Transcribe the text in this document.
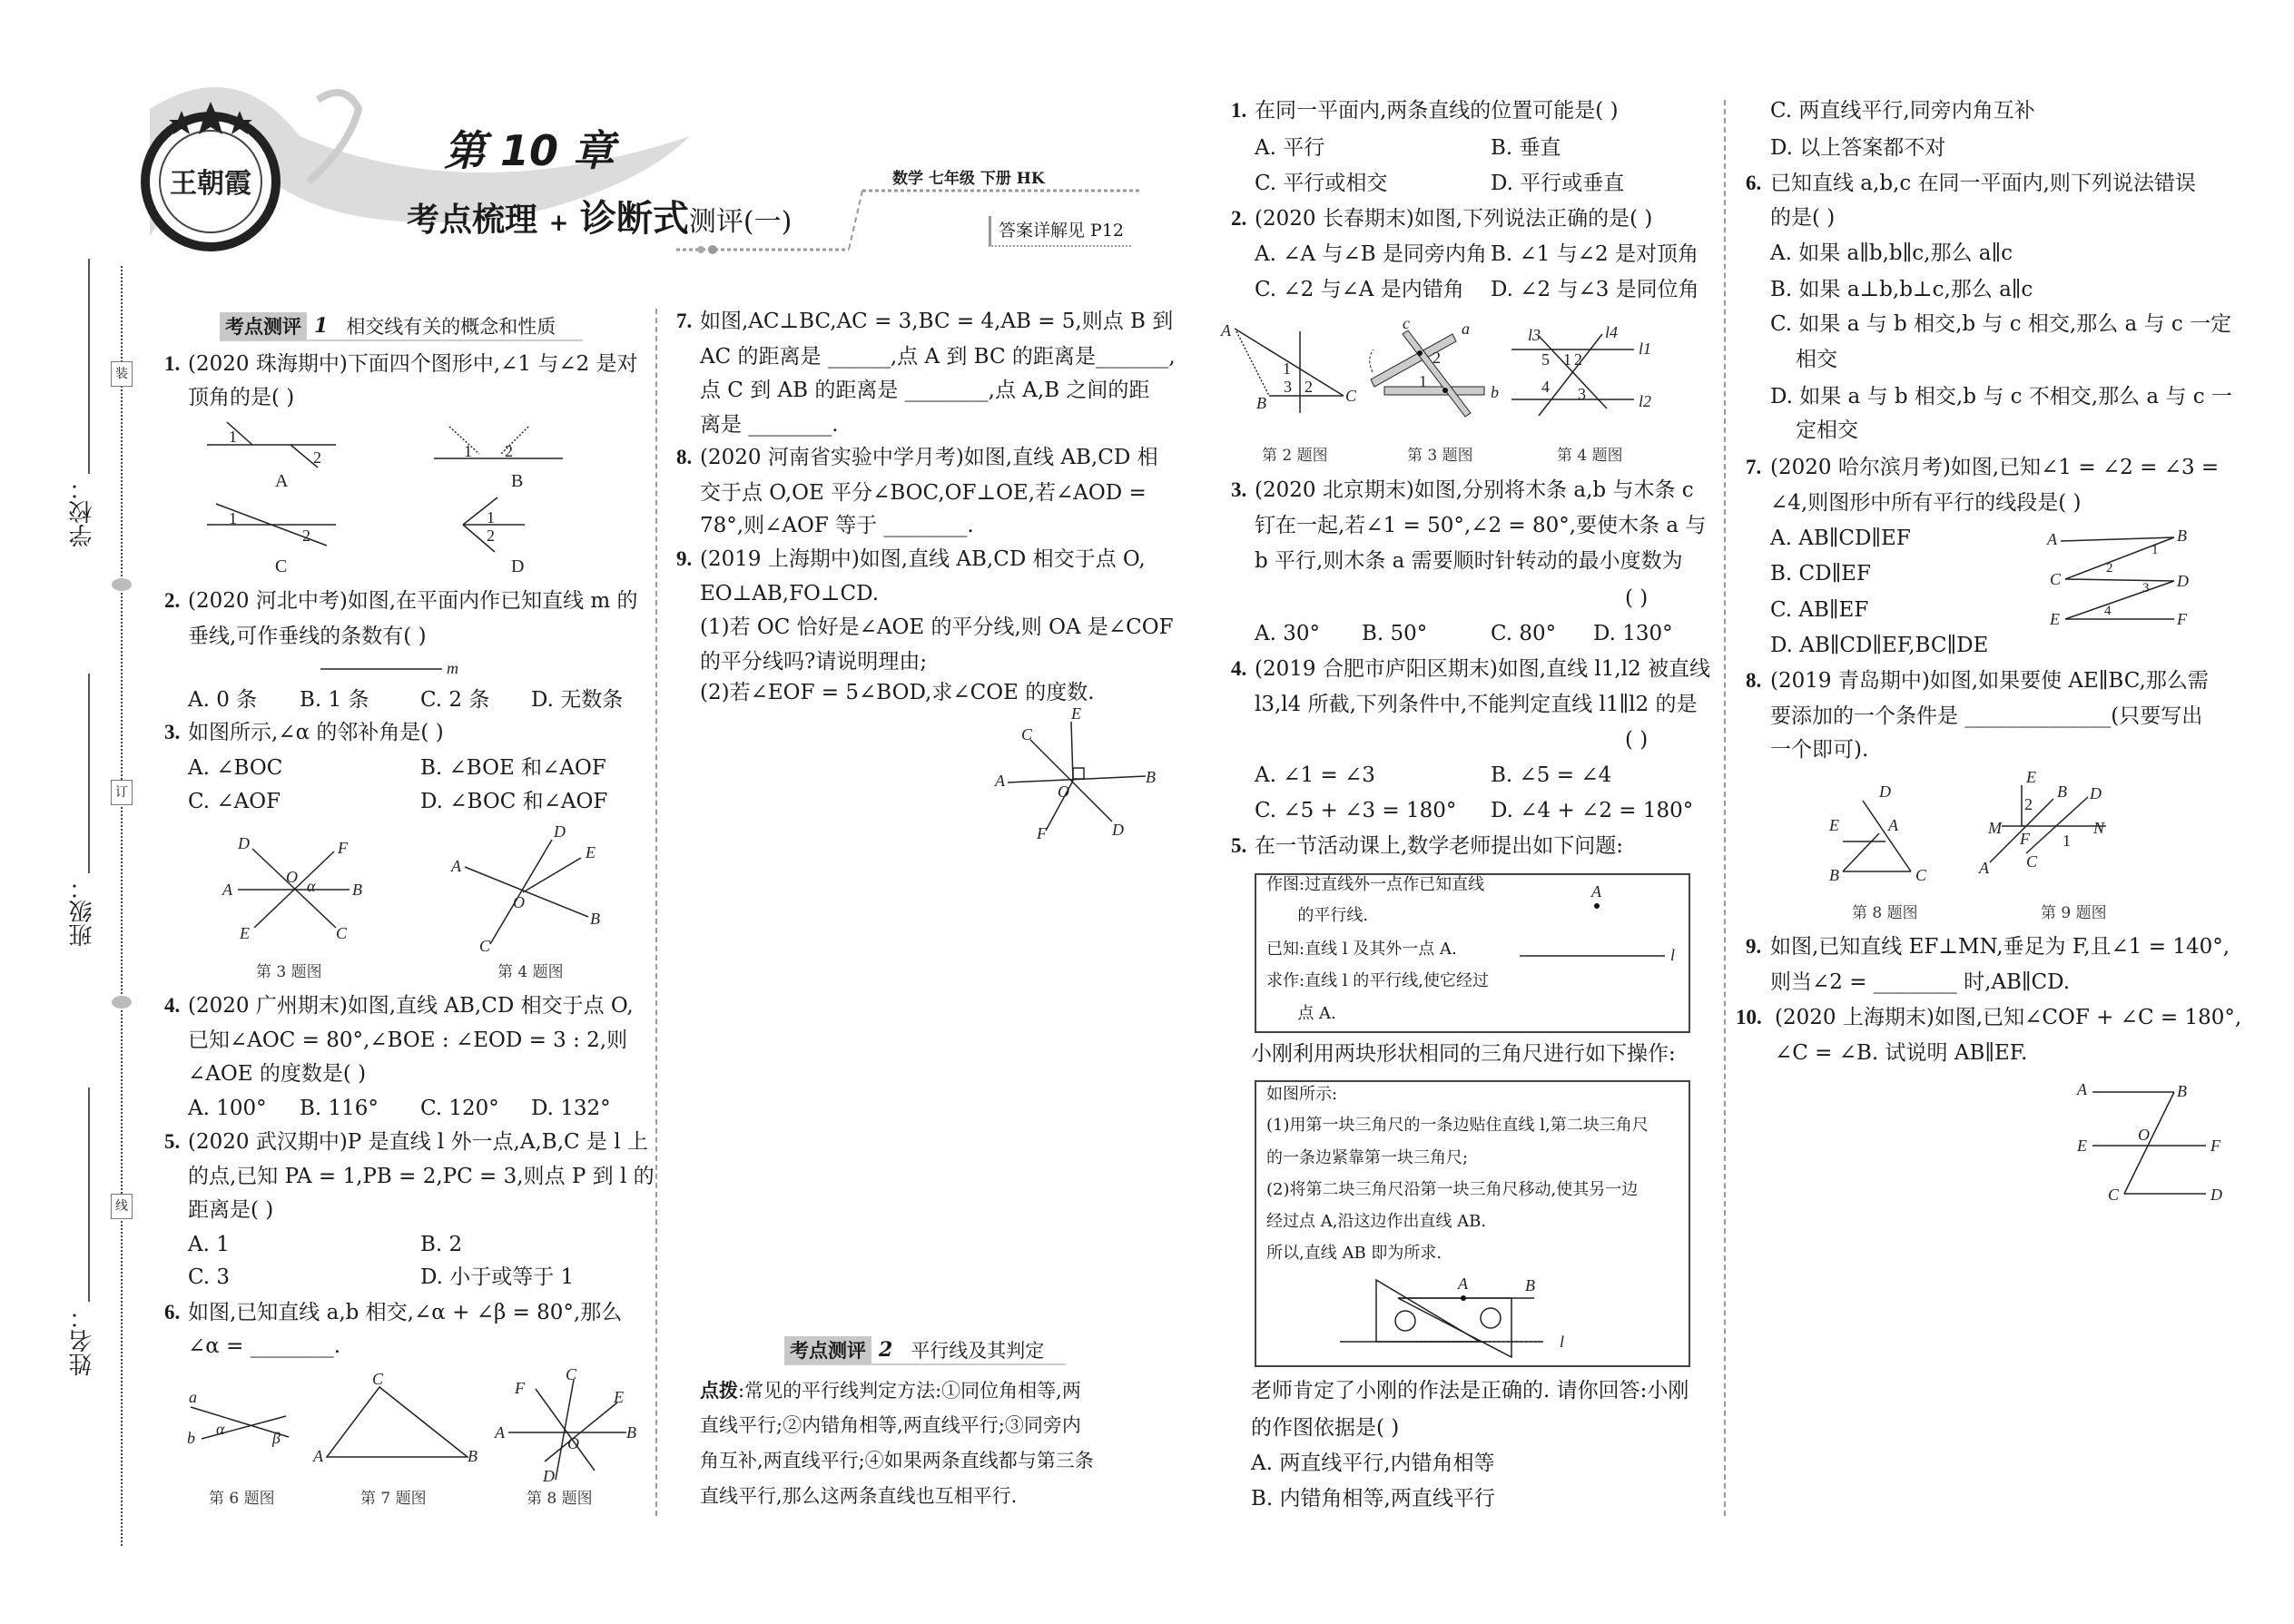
王朝霞
1
2	1 2
1
2
1
2
A	B
C	D
m
D	F
A	B
E	C
O α
D
E
A
B
C
O
a
b α	β
C
A	B
F
C
E
A	B
O
D
C
E
A	B
O
D
F
A
B	C
1
2
3
c	a
b
1
2
l3	l4
l1
l2
5 1 2
4 3
A
l
A	B
l
A	B
C	D
E	F
1
2
3
4
D
E	A
B	C
E
B D
M	N
F
A C
1
2
A	B
E
O
F
C	D
第 10 章
考点梳理 + 诊断式测评(一)
数学 七年级 下册 HK
答案详解见 P12
学校：
班级：
姓名：
装
订
线
考点测评 1 相交线有关的概念和性质
1. (2020 珠海期中)下面四个图形中,∠1 与∠2 是对
顶角的是( )
2. (2020 河北中考)如图,在平面内作已知直线 m 的
垂线,可作垂线的条数有( )
A. 0 条 B. 1 条 C. 2 条 D. 无数条
3. 如图所示,∠α 的邻补角是( )
A. ∠BOC	B. ∠BOE 和∠AOF
C. ∠AOF	D. ∠BOC 和∠AOF
第 3 题图	第 4 题图
4. (2020 广州期末)如图,直线 AB,CD 相交于点 O,
已知∠AOC = 80°,∠BOE : ∠EOD = 3 : 2,则
∠AOE 的度数是( )
A. 100° B. 116° C. 120° D. 132°
5. (2020 武汉期中)P 是直线 l 外一点,A,B,C 是 l 上
的点,已知 PA = 1,PB = 2,PC = 3,则点 P 到 l 的
距离是( )
A. 1	B. 2
C. 3	D. 小于或等于 1
6. 如图,已知直线 a,b 相交,∠α + ∠β = 80°,那么
∠α = ________.
第 6 题图	第 7 题图	第 8 题图
7. 如图,AC⊥BC,AC = 3,BC = 4,AB = 5,则点 B 到
AC 的距离是 ______,点 A 到 BC 的距离是_______,
点 C 到 AB 的距离是 ________,点 A,B 之间的距
离是 ________.
8. (2020 河南省实验中学月考)如图,直线 AB,CD 相
交于点 O,OE 平分∠BOC,OF⊥OE,若∠AOD =
78°,则∠AOF 等于 ________.
9. (2019 上海期中)如图,直线 AB,CD 相交于点 O,
EO⊥AB,FO⊥CD.
(1)若 OC 恰好是∠AOE 的平分线,则 OA 是∠COF
的平分线吗?请说明理由;
(2)若∠EOF = 5∠BOD,求∠COE 的度数.
考点测评 2 平行线及其判定
点拨:常见的平行线判定方法:①同位角相等,两
直线平行;②内错角相等,两直线平行;③同旁内
角互补,两直线平行;④如果两条直线都与第三条
直线平行,那么这两条直线也互相平行.
1. 在同一平面内,两条直线的位置可能是( )
A. 平行	B. 垂直
C. 平行或相交	D. 平行或垂直
2. (2020 长春期末)如图,下列说法正确的是( )
A. ∠A 与∠B 是同旁内角 B. ∠1 与∠2 是对顶角
C. ∠2 与∠A 是内错角 D. ∠2 与∠3 是同位角
第 2 题图	第 3 题图	第 4 题图
3. (2020 北京期末)如图,分别将木条 a,b 与木条 c
钉在一起,若∠1 = 50°,∠2 = 80°,要使木条 a 与
b 平行,则木条 a 需要顺时针转动的最小度数为
( )
A. 30° B. 50°	C. 80° D. 130°
4. (2019 合肥市庐阳区期末)如图,直线 l1,l2 被直线
l3,l4 所截,下列条件中,不能判定直线 l1∥l2 的是
( )
A. ∠1 = ∠3	B. ∠5 = ∠4
C. ∠5 + ∠3 = 180° D. ∠4 + ∠2 = 180°
5. 在一节活动课上,数学老师提出如下问题:
作图:过直线外一点作已知直线
的平行线.
已知:直线 l 及其外一点 A.
求作:直线 l 的平行线,使它经过
点 A.
小刚利用两块形状相同的三角尺进行如下操作:
如图所示:
(1)用第一块三角尺的一条边贴住直线 l,第二块三角尺
的一条边紧靠第一块三角尺;
(2)将第二块三角尺沿第一块三角尺移动,使其另一边
经过点 A,沿这边作出直线 AB.
所以,直线 AB 即为所求.
老师肯定了小刚的作法是正确的. 请你回答:小刚
的作图依据是( )
A. 两直线平行,内错角相等
B. 内错角相等,两直线平行
C. 两直线平行,同旁内角互补
D. 以上答案都不对
6. 已知直线 a,b,c 在同一平面内,则下列说法错误
的是( )
A. 如果 a∥b,b∥c,那么 a∥c
B. 如果 a⊥b,b⊥c,那么 a∥c
C. 如果 a 与 b 相交,b 与 c 相交,那么 a 与 c 一定
相交
D. 如果 a 与 b 相交,b 与 c 不相交,那么 a 与 c 一
定相交
7. (2020 哈尔滨月考)如图,已知∠1 = ∠2 = ∠3 =
∠4,则图形中所有平行的线段是( )
A. AB∥CD∥EF
B. CD∥EF
C. AB∥EF
D. AB∥CD∥EF,BC∥DE
8. (2019 青岛期中)如图,如果要使 AE∥BC,那么需
要添加的一个条件是 ______________(只要写出
一个即可).
第 8 题图	第 9 题图
9. 如图,已知直线 EF⊥MN,垂足为 F,且∠1 = 140°,
则当∠2 = ________ 时,AB∥CD.
10. (2020 上海期末)如图,已知∠COF + ∠C = 180°,
∠C = ∠B. 试说明 AB∥EF.
